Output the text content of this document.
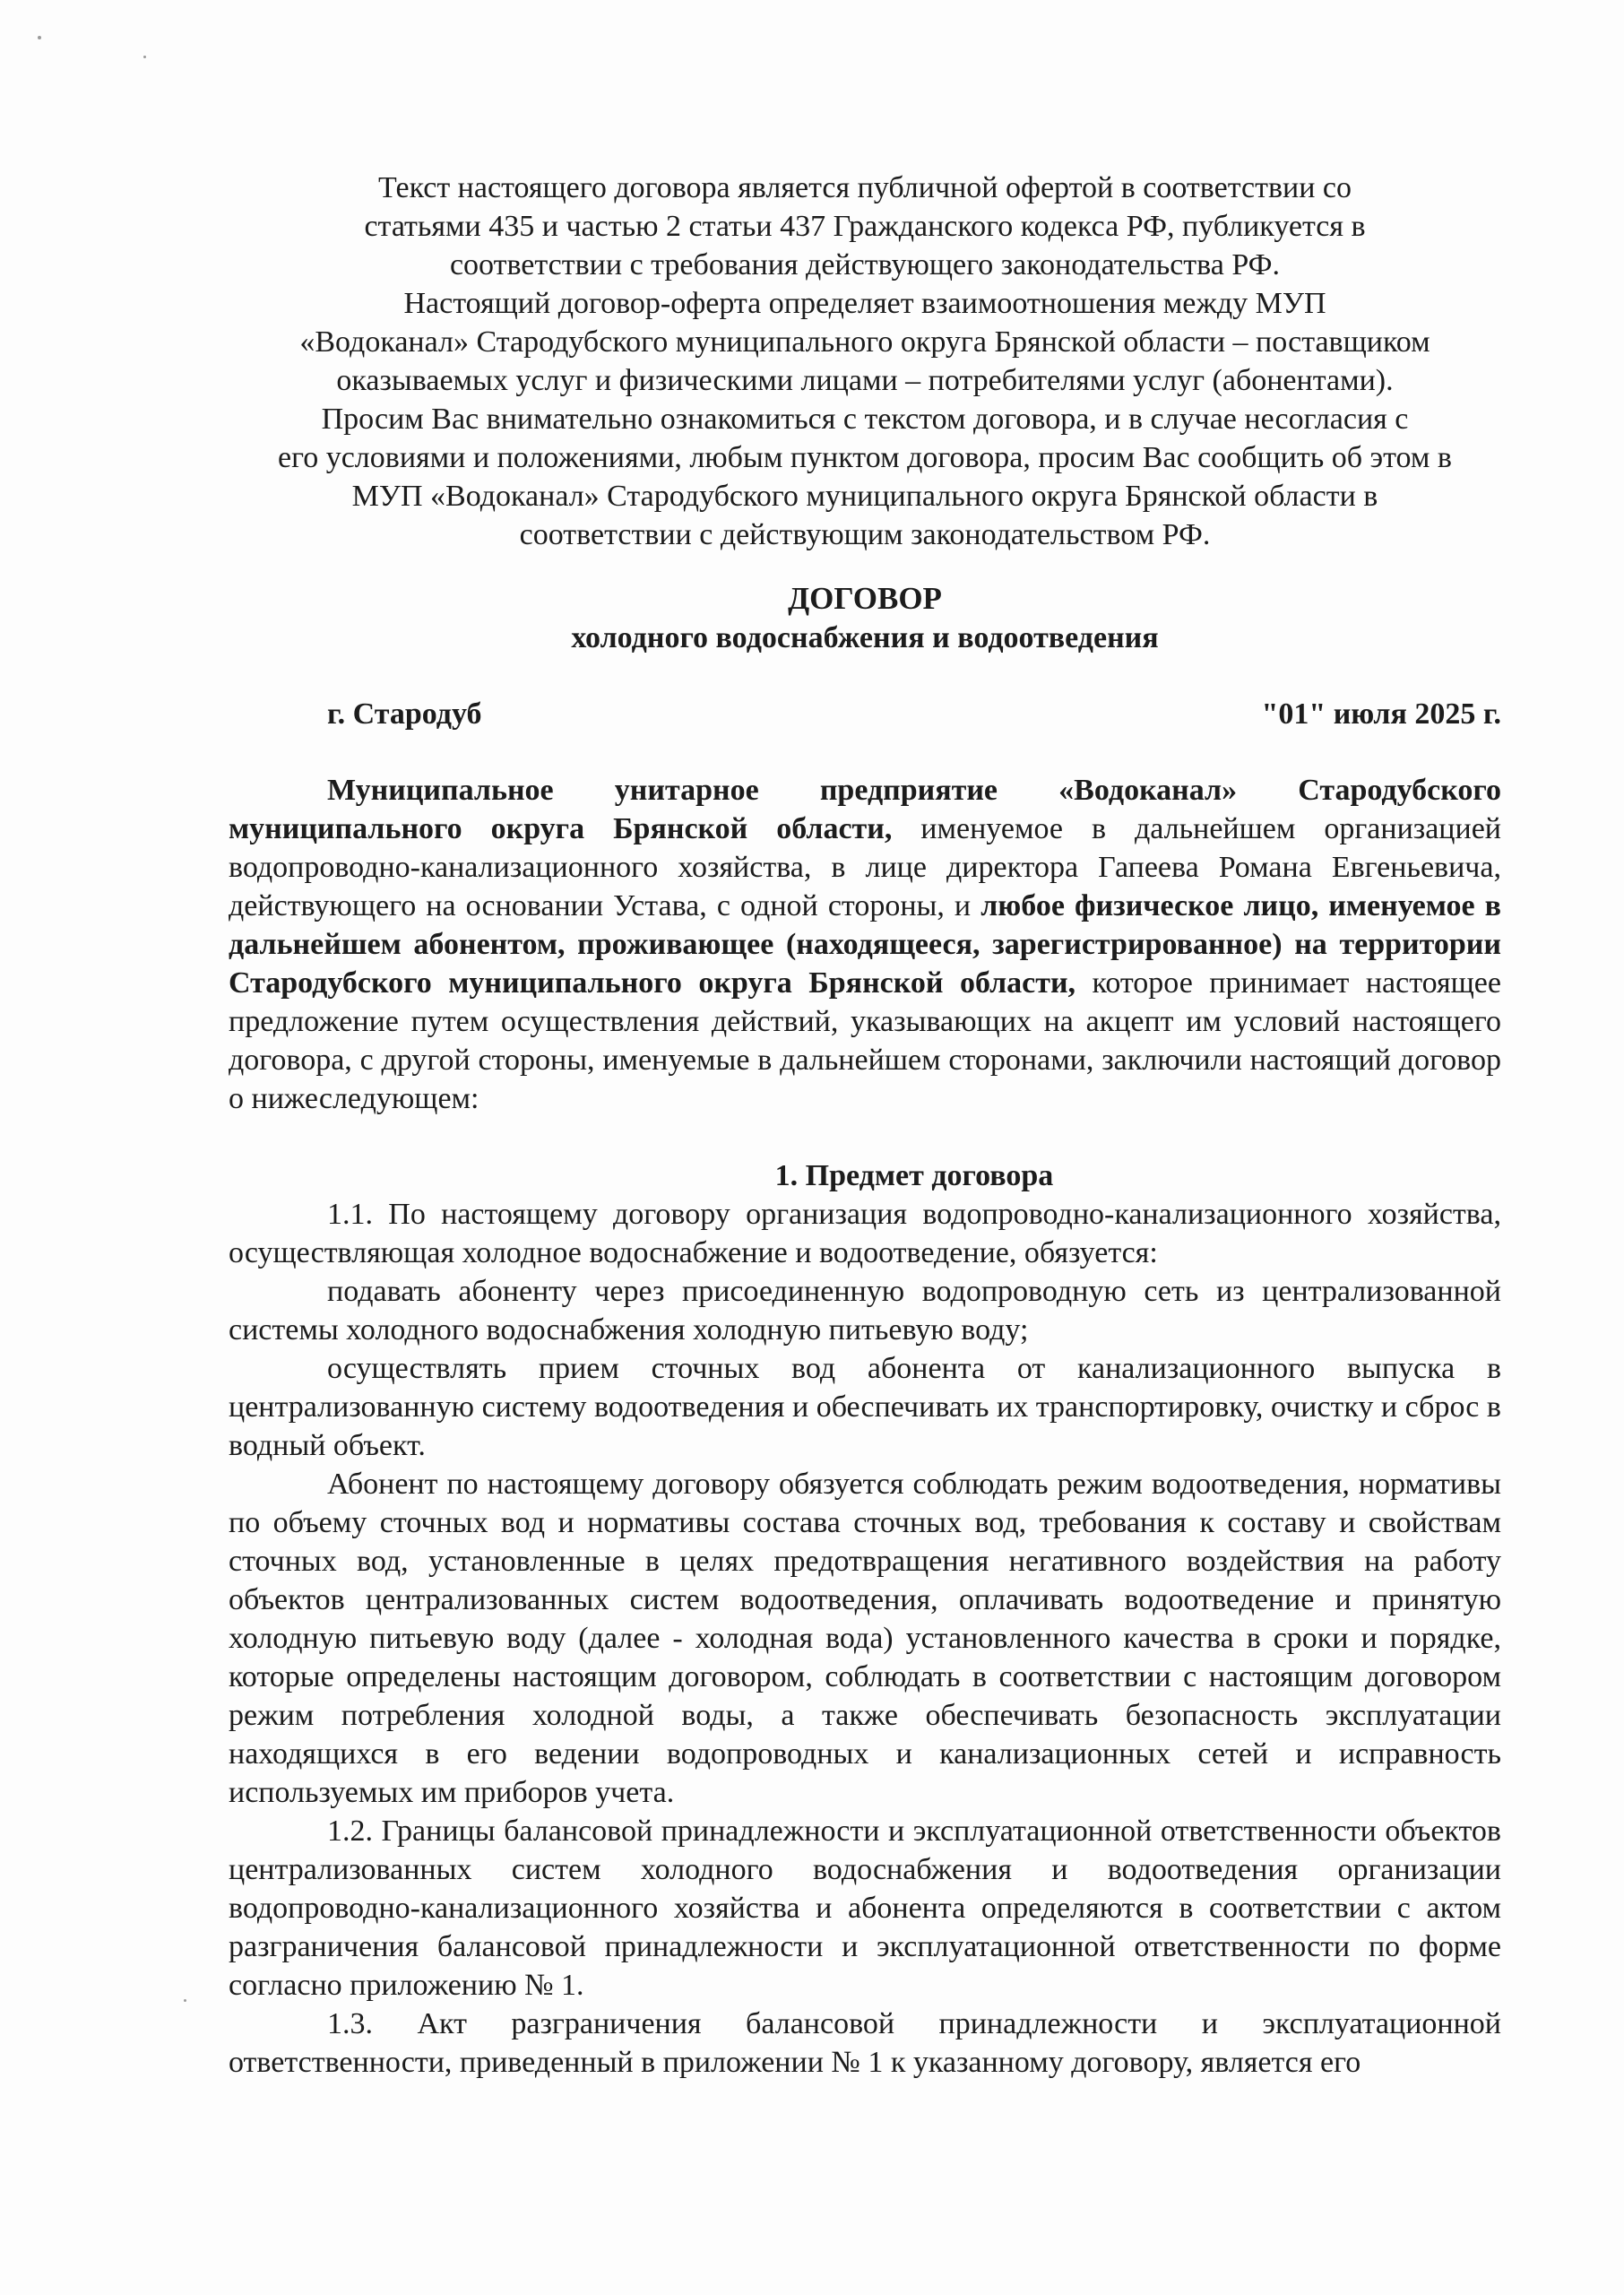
Текст настоящего договора является публичной офертой в соответствии со

статьями 435 и частью 2 статьи 437 Гражданского кодекса РФ, публикуется в

соответствии с требования действующего законодательства РФ.

Настоящий договор-оферта определяет взаимоотношения между МУП

«Водоканал» Стародубского муниципального округа Брянской области – поставщиком

оказываемых услуг и физическими лицами – потребителями услуг (абонентами).

Просим Вас внимательно ознакомиться с текстом договора, и в случае несогласия с

его условиями и положениями, любым пунктом договора, просим Вас сообщить об этом в

МУП «Водоканал» Стародубского муниципального округа Брянской области в

соответствии с действующим законодательством РФ.

ДОГОВОР
холодного водоснабжения и водоотведения
г. Стародуб	"01" июля 2025 г.

Муниципальное унитарное предприятие «Водоканал» Стародубского муниципального округа Брянской области, именуемое в дальнейшем организацией водопроводно-канализационного хозяйства, в лице директора Гапеева Романа Евгеньевича, действующего на основании Устава, с одной стороны, и любое физическое лицо, именуемое в дальнейшем абонентом, проживающее (находящееся, зарегистрированное) на территории Стародубского муниципального округа Брянской области, которое принимает настоящее предложение путем осуществления действий, указывающих на акцепт им условий настоящего договора, с другой стороны, именуемые в дальнейшем сторонами, заключили настоящий договор о нижеследующем:

1. Предмет договора

1.1. По настоящему договору организация водопроводно-канализационного хозяйства, осуществляющая холодное водоснабжение и водоотведение, обязуется:

подавать абоненту через присоединенную водопроводную сеть из централизованной системы холодного водоснабжения холодную питьевую воду;

осуществлять прием сточных вод абонента от канализационного выпуска в централизованную систему водоотведения и обеспечивать их транспортировку, очистку и сброс в водный объект.

Абонент по настоящему договору обязуется соблюдать режим водоотведения, нормативы по объему сточных вод и нормативы состава сточных вод, требования к составу и свойствам сточных вод, установленные в целях предотвращения негативного воздействия на работу объектов централизованных систем водоотведения, оплачивать водоотведение и принятую холодную питьевую воду (далее - холодная вода) установленного качества в сроки и порядке, которые определены настоящим договором, соблюдать в соответствии с настоящим договором режим потребления холодной воды, а также обеспечивать безопасность эксплуатации находящихся в его ведении водопроводных и канализационных сетей и исправность используемых им приборов учета.

1.2. Границы балансовой принадлежности и эксплуатационной ответственности объектов централизованных систем холодного водоснабжения и водоотведения организации водопроводно-канализационного хозяйства и абонента определяются в соответствии с актом разграничения балансовой принадлежности и эксплуатационной ответственности по форме согласно приложению № 1.

1.3. Акт разграничения балансовой принадлежности и эксплуатационной ответственности, приведенный в приложении № 1 к указанному договору, является его
